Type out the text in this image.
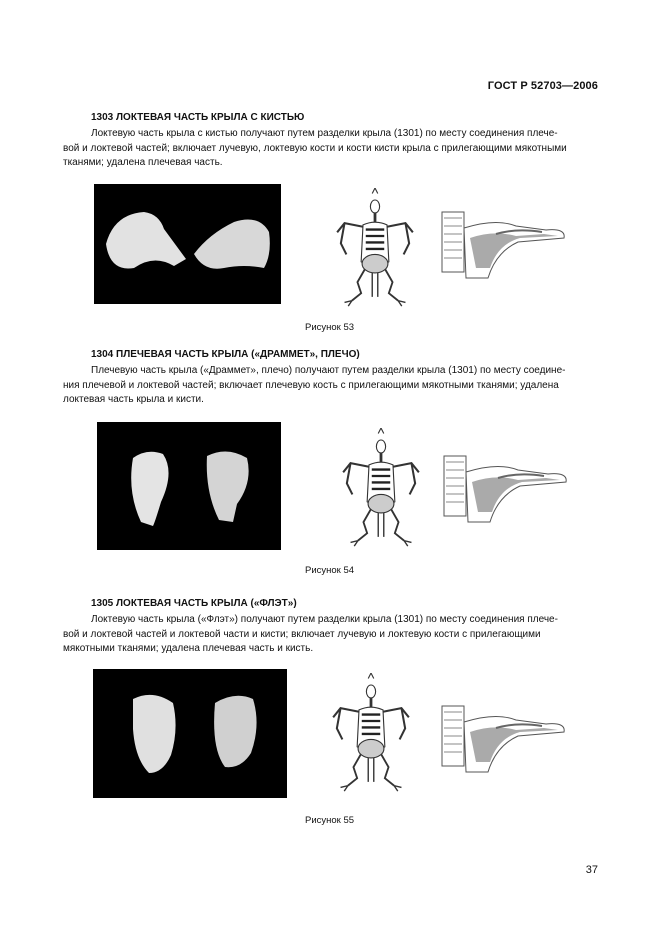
ГОСТ Р 52703—2006
1303 ЛОКТЕВАЯ ЧАСТЬ КРЫЛА С КИСТЬЮ
Локтевую часть крыла с кистью получают путем разделки крыла (1301) по месту соединения плече-
вой и локтевой частей; включает лучевую, локтевую кости и кости кисти крыла с прилегающими мякотными
тканями; удалена плечевая часть.
Рисунок 53
1304 ПЛЕЧЕВАЯ ЧАСТЬ КРЫЛА («ДРАММЕТ», ПЛЕЧО)
Плечевую часть крыла («Драммет», плечо) получают путем разделки крыла (1301) по месту соедине-
ния плечевой и локтевой частей; включает плечевую кость с прилегающими мякотными тканями; удалена
локтевая часть крыла и кисти.
Рисунок 54
1305 ЛОКТЕВАЯ ЧАСТЬ КРЫЛА («ФЛЭТ»)
Локтевую часть крыла («Флэт») получают путем разделки крыла (1301) по месту соединения плече-
вой и локтевой частей и локтевой части и кисти; включает лучевую и локтевую кости с прилегающими
мякотными тканями; удалена плечевая часть и кисть.
Рисунок 55
37
